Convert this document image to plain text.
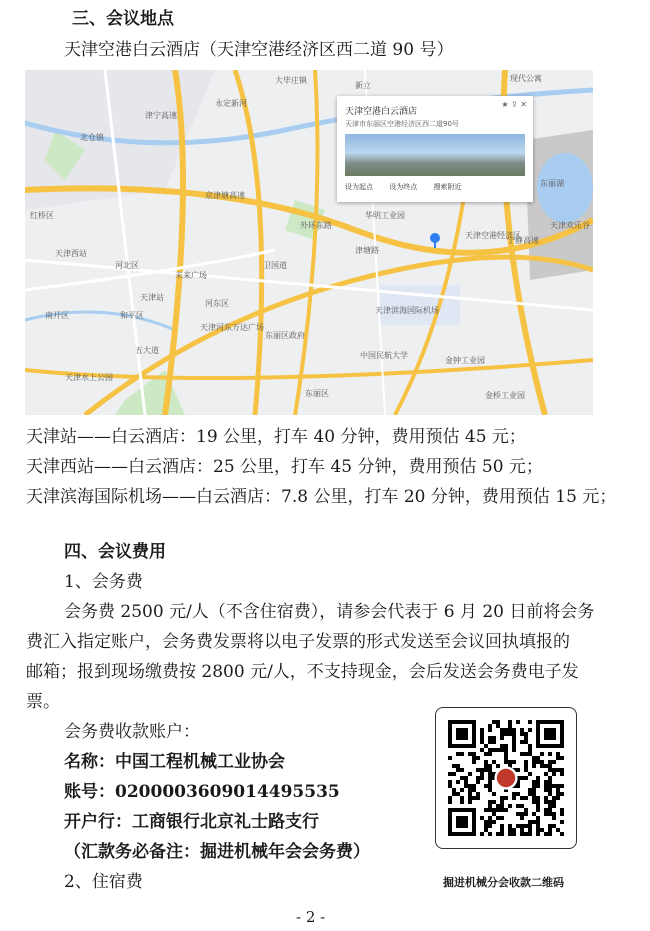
三、会议地点
天津空港白云酒店（天津空港经济区西二道 90 号）
天津空港经济区
天津滨海国际机场
中国民航大学
天津站
天津西站
河北区
河东区
东丽区
天津水上公园
五大道
卫国道
津塘路
外环东路
未来广场
天津河东万达广场
金钟工业园
北仓镇
红桥区
南开区	和平区
东丽湖
宁静高速
津宁高速
京津塘高速
永定新河
现代公寓
新立
华明工业园
大毕庄镇
天津欢乐谷
东丽区政府
金桥工业园
★ ⇪ ✕
天津空港白云酒店
天津市东丽区空港经济区西二道90号
设为起点 设为终点 搜索附近
天津站——白云酒店：19 公里，打车 40 分钟，费用预估 45 元；
天津西站——白云酒店：25 公里，打车 45 分钟，费用预估 50 元；
天津滨海国际机场——白云酒店：7.8 公里，打车 20 分钟，费用预估 15 元；
四、会议费用
1、会务费
会务费 2500 元/人（不含住宿费），请参会代表于 6 月 20 日前将会务
费汇入指定账户，会务费发票将以电子发票的形式发送至会议回执填报的
邮箱；报到现场缴费按 2800 元/人，不支持现金，会后发送会务费电子发
票。
会务费收款账户：
名称：中国工程机械工业协会
账号：0200003609014495535
开户行：工商银行北京礼士路支行
（汇款务必备注：掘进机械年会会务费）
2、住宿费	掘进机械分会收款二维码
- 2 -
